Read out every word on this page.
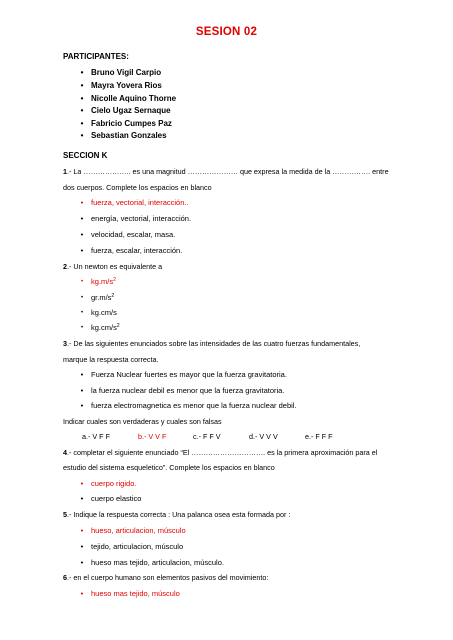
SESION 02
PARTICIPANTES:
• Bruno Vigil Carpio
• Mayra Yovera Rios
• Nicolle Aquino Thorne
• Cielo Ugaz Sernaque
• Fabricio Cumpes Paz
• Sebastian Gonzales
SECCION K
1.- La ……………….. es una magnitud ………………… que expresa la medida de la ……………. entre
dos cuerpos. Complete los espacios en blanco
•	fuerza, vectorial, interacción..
•	energía, vectorial, interacción.
•	velocidad, escalar, masa.
•	fuerza, escalar, interacción.
2.- Un newton es equivalente a
•	$kg.m/s^2$
•	$gr.m/s^2$
•	kg.cm/s
•	$kg.cm/s^2$
3.- De las siguientes enunciados sobre las intensidades de las cuatro fuerzas fundamentales,
marque la respuesta correcta.
•	Fuerza Nuclear fuertes es mayor que la fuerza gravitatoria.
•	la fuerza nuclear debil es menor que la fuerza gravitatoria.
•	fuerza electromagnetica es menor que la fuerza nuclear debil.
Indicar cuales son verdaderas y cuales son falsas
a.- V F F	b.- V V F	c.- F F V	d.- V V V	e.- F F F
4.- completar el siguiente enunciado “El …………………………. es la primera aproximación para el
estudio del sistema esqueletico”. Complete los espacios en blanco
•	cuerpo rigido.
•	cuerpo elastico
5.- Indique la respuesta correcta : Una palanca osea esta formada por :
•	hueso, articulacion, músculo
•	tejido, articulacion, músculo
•	hueso mas tejido, articulacion, músculo.
6.- en el cuerpo humano son elementos pasivos del movimiento:
•	hueso mas tejido, músculo
